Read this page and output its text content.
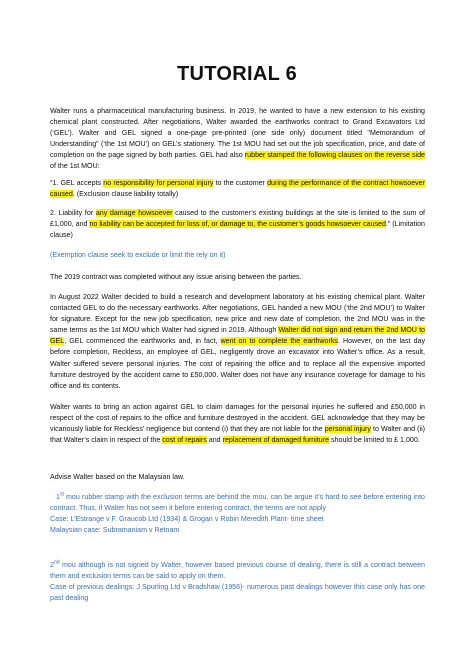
TUTORIAL 6
Walter runs a pharmaceutical manufacturing business. In 2019, he wanted to have a new extension to his existing chemical plant constructed. After negotiations, Walter awarded the earthworks contract to Grand Excavators Ltd (‘GEL’). Walter and GEL signed a one-page pre-printed (one side only) document titled "Memorandum of Understanding" (‘the 1st MOU’) on GEL’s stationery. The 1st MOU had set out the job specification, price, and date of completion on the page signed by both parties. GEL had also rubber stamped the following clauses on the reverse side of the 1st MOU:
“1. GEL accepts no responsibility for personal injury to the customer during the performance of the contract howsoever caused. (Exclusion clause liability totally)
2. Liability for any damage howsoever caused to the customer’s existing buildings at the site is limited to the sum of £1,000, and no liability can be accepted for loss of, or damage to, the customer’s goods howsoever caused.” (Limitation clause)
(Exemption clause seek to exclude or limit the rely on it)
The 2019 contract was completed without any issue arising between the parties.
In August 2022 Walter decided to build a research and development laboratory at his existing chemical plant. Walter contacted GEL to do the necessary earthworks. After negotiations, GEL handed a new MOU (‘the 2nd MOU’) to Walter for signature. Except for the new job specification, new price and new date of completion, the 2nd MOU was in the same terms as the 1st MOU which Walter had signed in 2019. Although Walter did not sign and return the 2nd MOU to GEL, GEL commenced the earthworks and, in fact, went on to complete the earthworks. However, on the last day before completion, Reckless, an employee of GEL, negligently drove an excavator into Walter’s office. As a result, Walter suffered severe personal injuries. The cost of repairing the office and to replace all the expensive imported furniture destroyed by the accident came to £50,000. Walter does not have any insurance coverage for damage to his office and its contents.
Walter wants to bring an action against GEL to claim damages for the personal injuries he suffered and £50,000 in respect of the cost of repairs to the office and furniture destroyed in the accident. GEL acknowledge that they may be vicariously liable for Reckless’ negligence but contend (i) that they are not liable for the personal injury to Walter and (ii) that Walter’s claim in respect of the cost of repairs and replacement of damaged furniture should be limited to £ 1,000.
Advise Walter based on the Malaysian law.
1st mou rubber stamp with the exclusion terms are behind the mou, can be argue it’s hard to see before entering into contract. Thus, if Walter has not seen it before entering contract, the terms are not apply
Case: L’Estrange v F. Graucob Ltd (1934) & Grogan v Robin Meredith Plant- time sheet
Malaysian case: Subramaniam v Retnam
2nd mou although is not signed by Walter, however based previous course of dealing, there is still a contract between them and exclusion terms can be said to apply on them.
Case of previous dealings: J Spurling Ltd v Bradshaw (1956)- numerous past dealings however this case only has one past dealing
